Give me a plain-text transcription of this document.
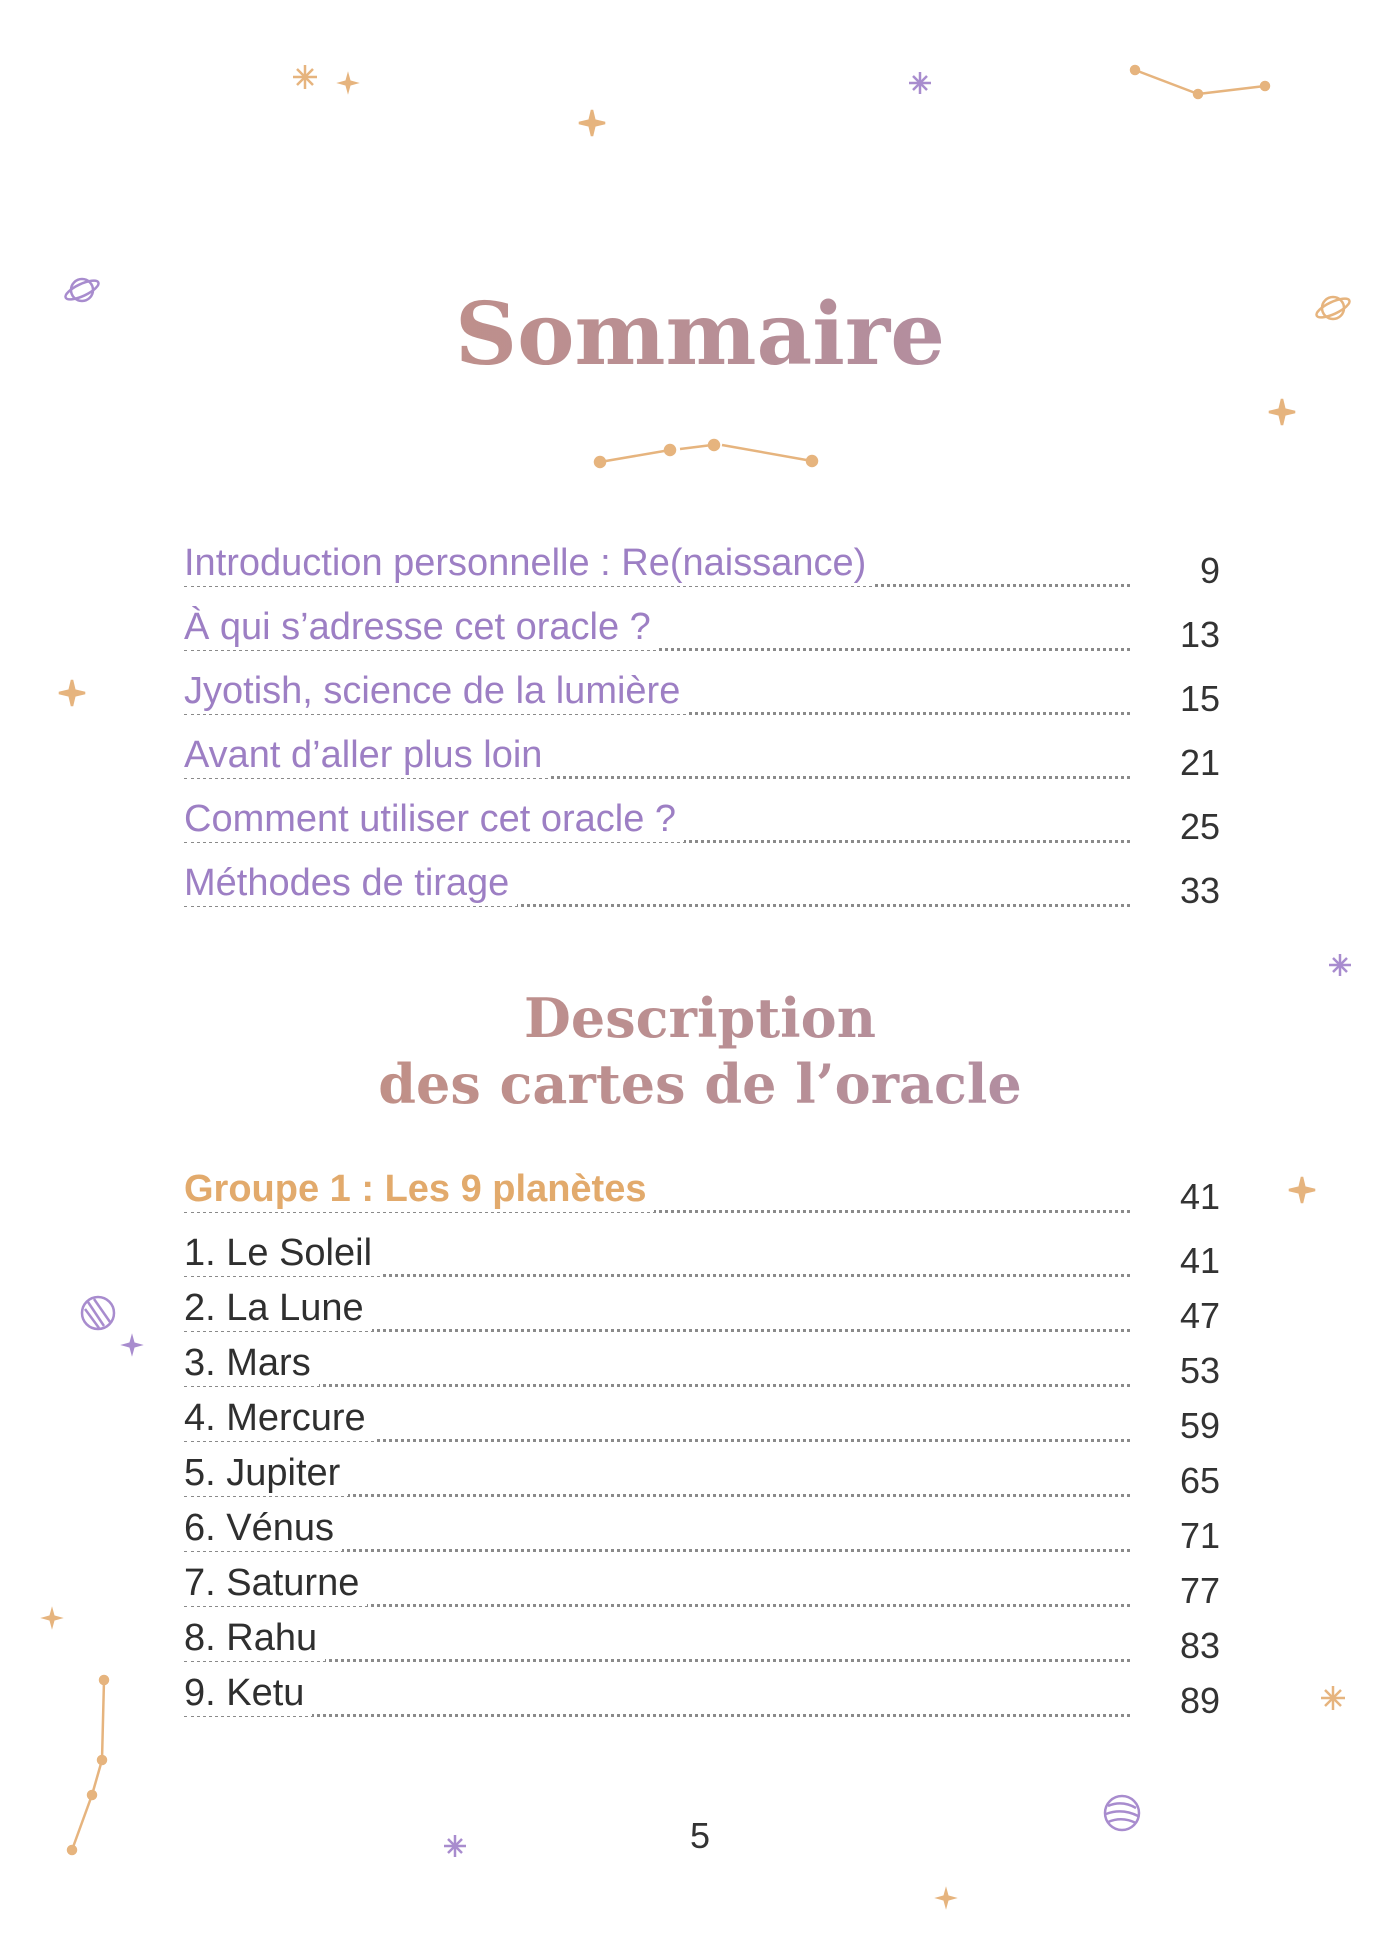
Sommaire
Introduction personnelle : Re(naissance)	9
À qui s’adresse cet oracle ?	13
Jyotish, science de la lumière	15
Avant d’aller plus loin	21
Comment utiliser cet oracle ?	25
Méthodes de tirage	33
Description
des cartes de l’oracle
Groupe 1 : Les 9 planètes	41
1. Le Soleil	41
2. La Lune	47
3. Mars	53
4. Mercure	59
5. Jupiter	65
6. Vénus	71
7. Saturne	77
8. Rahu	83
9. Ketu	89
5
